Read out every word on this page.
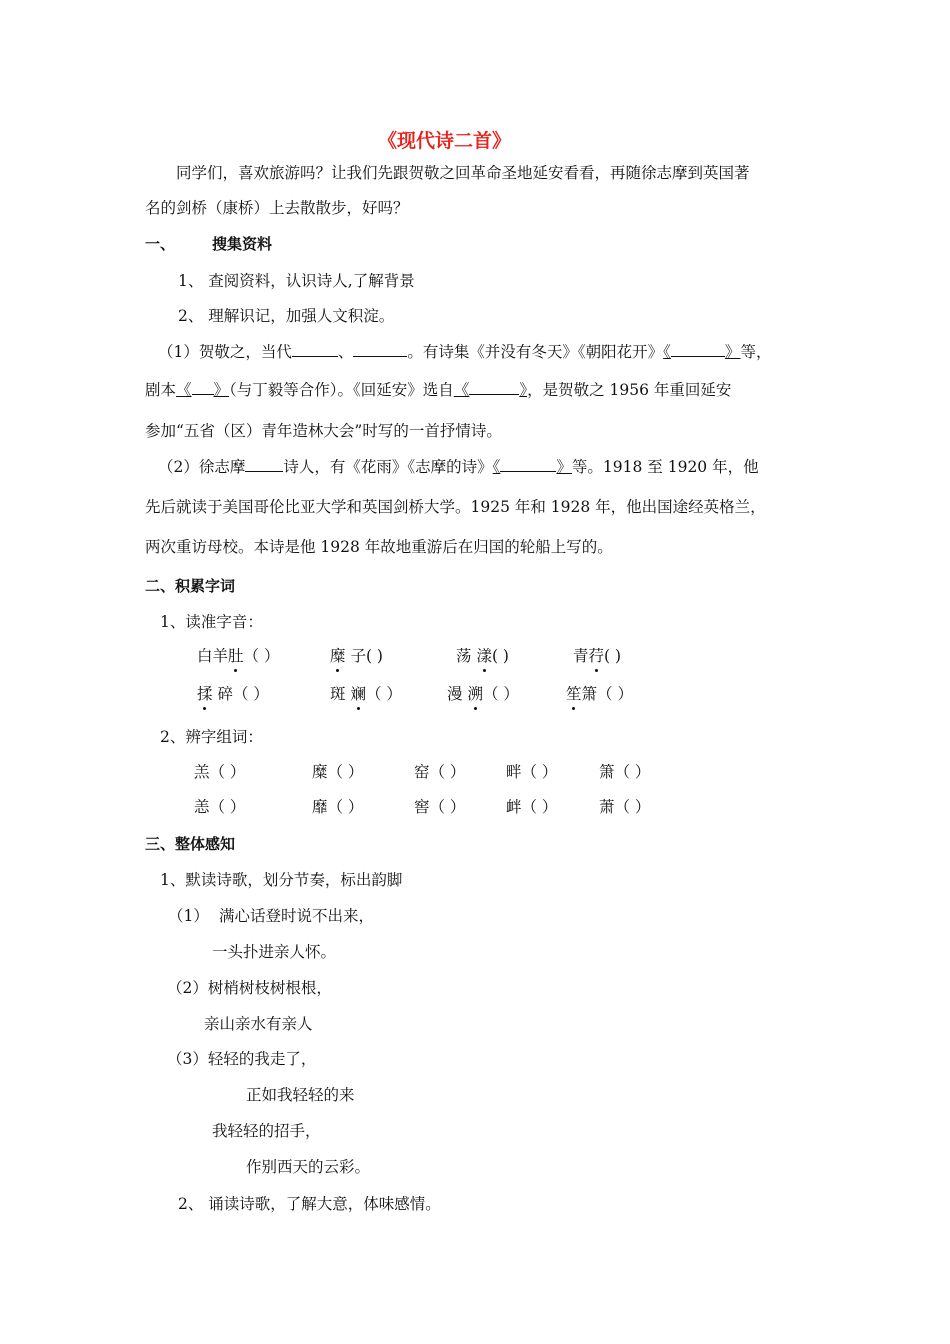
《现代诗二首》
同学们，喜欢旅游吗？让我们先跟贺敬之回革命圣地延安看看，再随徐志摩到英国著
名的剑桥（康桥）上去散散步，好吗？
一、 搜集资料
1、 查阅资料，认识诗人,了解背景
2、 理解识记，加强人文积淀。
（1）贺敬之，当代	、	。有诗集《并没有冬天》《朝阳花开》《	》等，
剧本《 》（与丁毅等合作）。《回延安》选自《	》，是贺敬之 1956 年重回延安
参加“五省（区）青年造林大会”时写的一首抒情诗。
（2）徐志摩 诗人，有《花雨》《志摩的诗》《	》等。1918 至 1920 年，他
先后就读于美国哥伦比亚大学和英国剑桥大学。1925 年和 1928 年，他出国途经英格兰，
两次重访母校。本诗是他 1928 年故地重游后在归国的轮船上写的。
二、积累字词
1、读准字音：
白羊肚（ ）	糜 子( )	荡 漾( )	青荇( )
揉 碎（ ）	斑 斓（ ）	漫 溯（ ）	笙箫（ ）
2、辨字组词：
羔（ ）	糜（ ）	窑（ ）	畔（ ）	箫（ ）
恙（ ）	靡（ ）	窖（ ）	衅（ ）	萧（ ）
三、整体感知
1、默读诗歌，划分节奏，标出韵脚
（1） 满心话登时说不出来，
一头扑进亲人怀。
（2）树梢树枝树根根，
亲山亲水有亲人
（3）轻轻的我走了，
正如我轻轻的来
我轻轻的招手，
作别西天的云彩。
2、 诵读诗歌，了解大意，体味感情。
